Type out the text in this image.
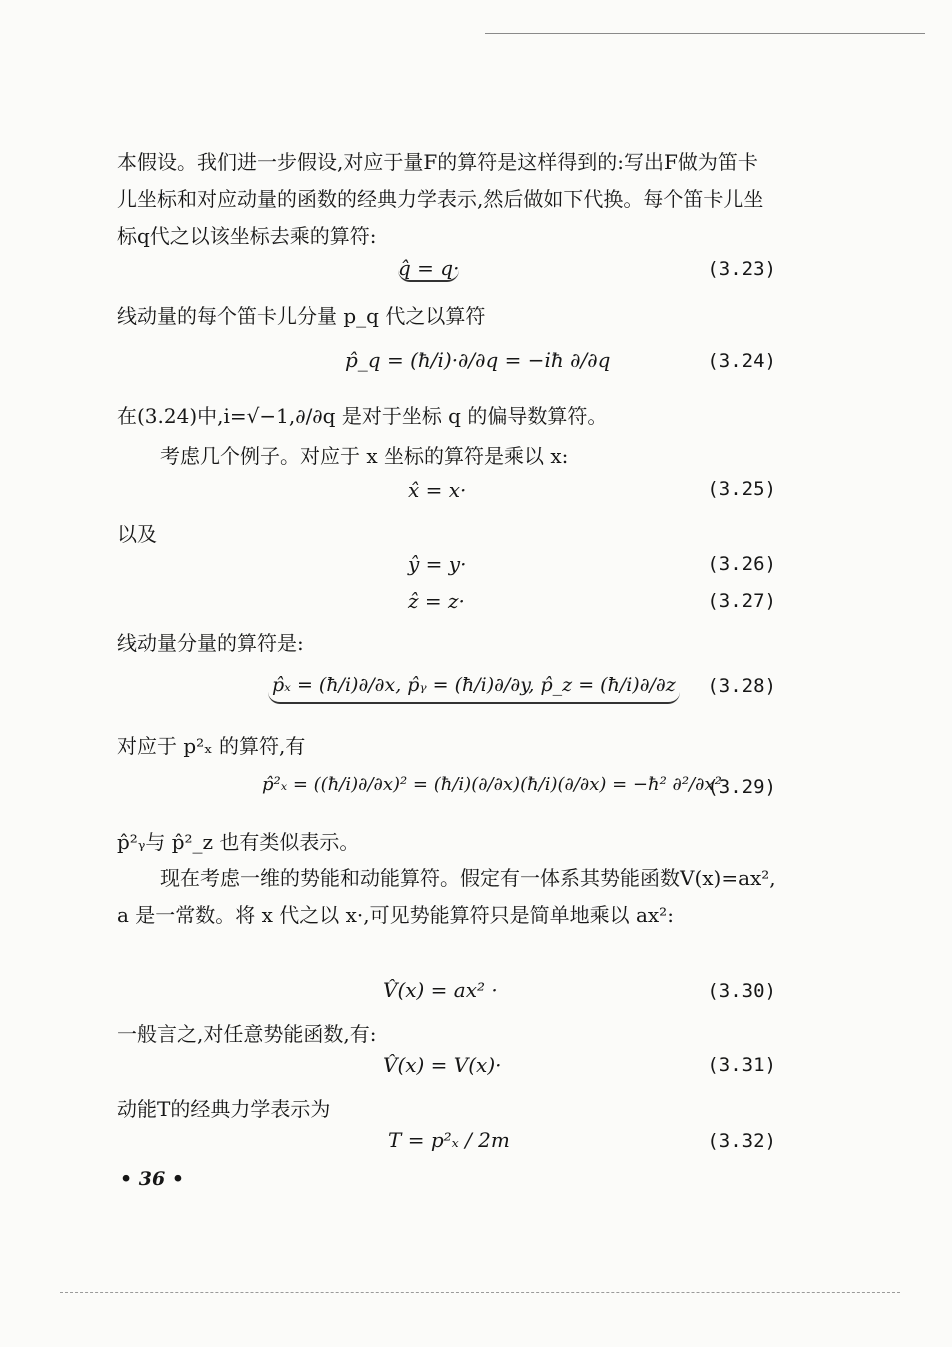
本假设。我们进一步假设,对应于量F的算符是这样得到的:写出F做为笛卡儿坐标和对应动量的函数的经典力学表示,然后做如下代换。每个笛卡儿坐标q代之以该坐标去乘的算符:
q̂ = q·	(3.23)
线动量的每个笛卡儿分量 p_q 代之以算符
p̂_q = (ħ/i)·∂/∂q = −iħ ∂/∂q	(3.24)
在(3.24)中,i=√−1,∂/∂q 是对于坐标 q 的偏导数算符。
考虑几个例子。对应于 x 坐标的算符是乘以 x:
x̂ = x·	(3.25)
以及
ŷ = y·	(3.26)
ẑ = z·	(3.27)
线动量分量的算符是:
p̂ₓ = (ħ/i)∂/∂x, p̂ᵧ = (ħ/i)∂/∂y, p̂_z = (ħ/i)∂/∂z (3.28)
对应于 p²ₓ 的算符,有
p̂²ₓ = ((ħ/i)∂/∂x)² = (ħ/i)(∂/∂x)(ħ/i)(∂/∂x) = −ħ² ∂²/∂x²
(3.29)
p̂²ᵧ与 p̂²_z 也有类似表示。
现在考虑一维的势能和动能算符。假定有一体系其势能函数V(x)=ax², a 是一常数。将 x 代之以 x·,可见势能算符只是简单地乘以 ax²:
V̂(x) = ax² ·	(3.30)
一般言之,对任意势能函数,有:
V̂(x) = V(x)·	(3.31)
动能T的经典力学表示为
T = p²ₓ / 2m	(3.32)
• 36 •
